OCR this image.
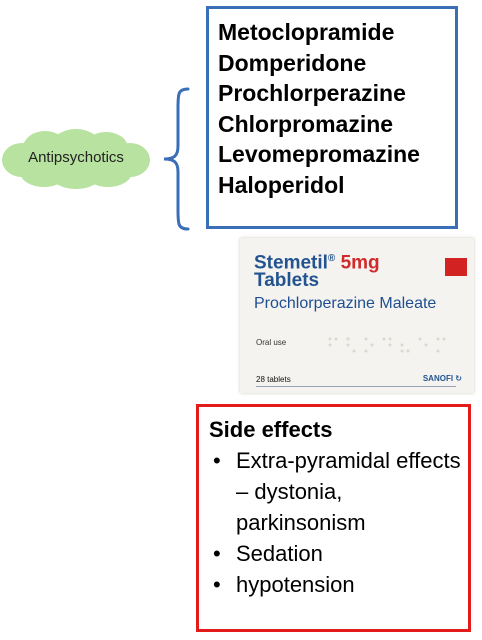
Antipsychotics
Metoclopramide
Domperidone
Prochlorperazine
Chlorpromazine
Levomepromazine
Haloperidol
Stemetil® 5mg
Tablets
Prochlorperazine Maleate
Oral use
28 tablets	SANOFI ↻
Side effects
• Extra-pyramidal effects – dystonia, parkinsonism
• Sedation
• hypotension
